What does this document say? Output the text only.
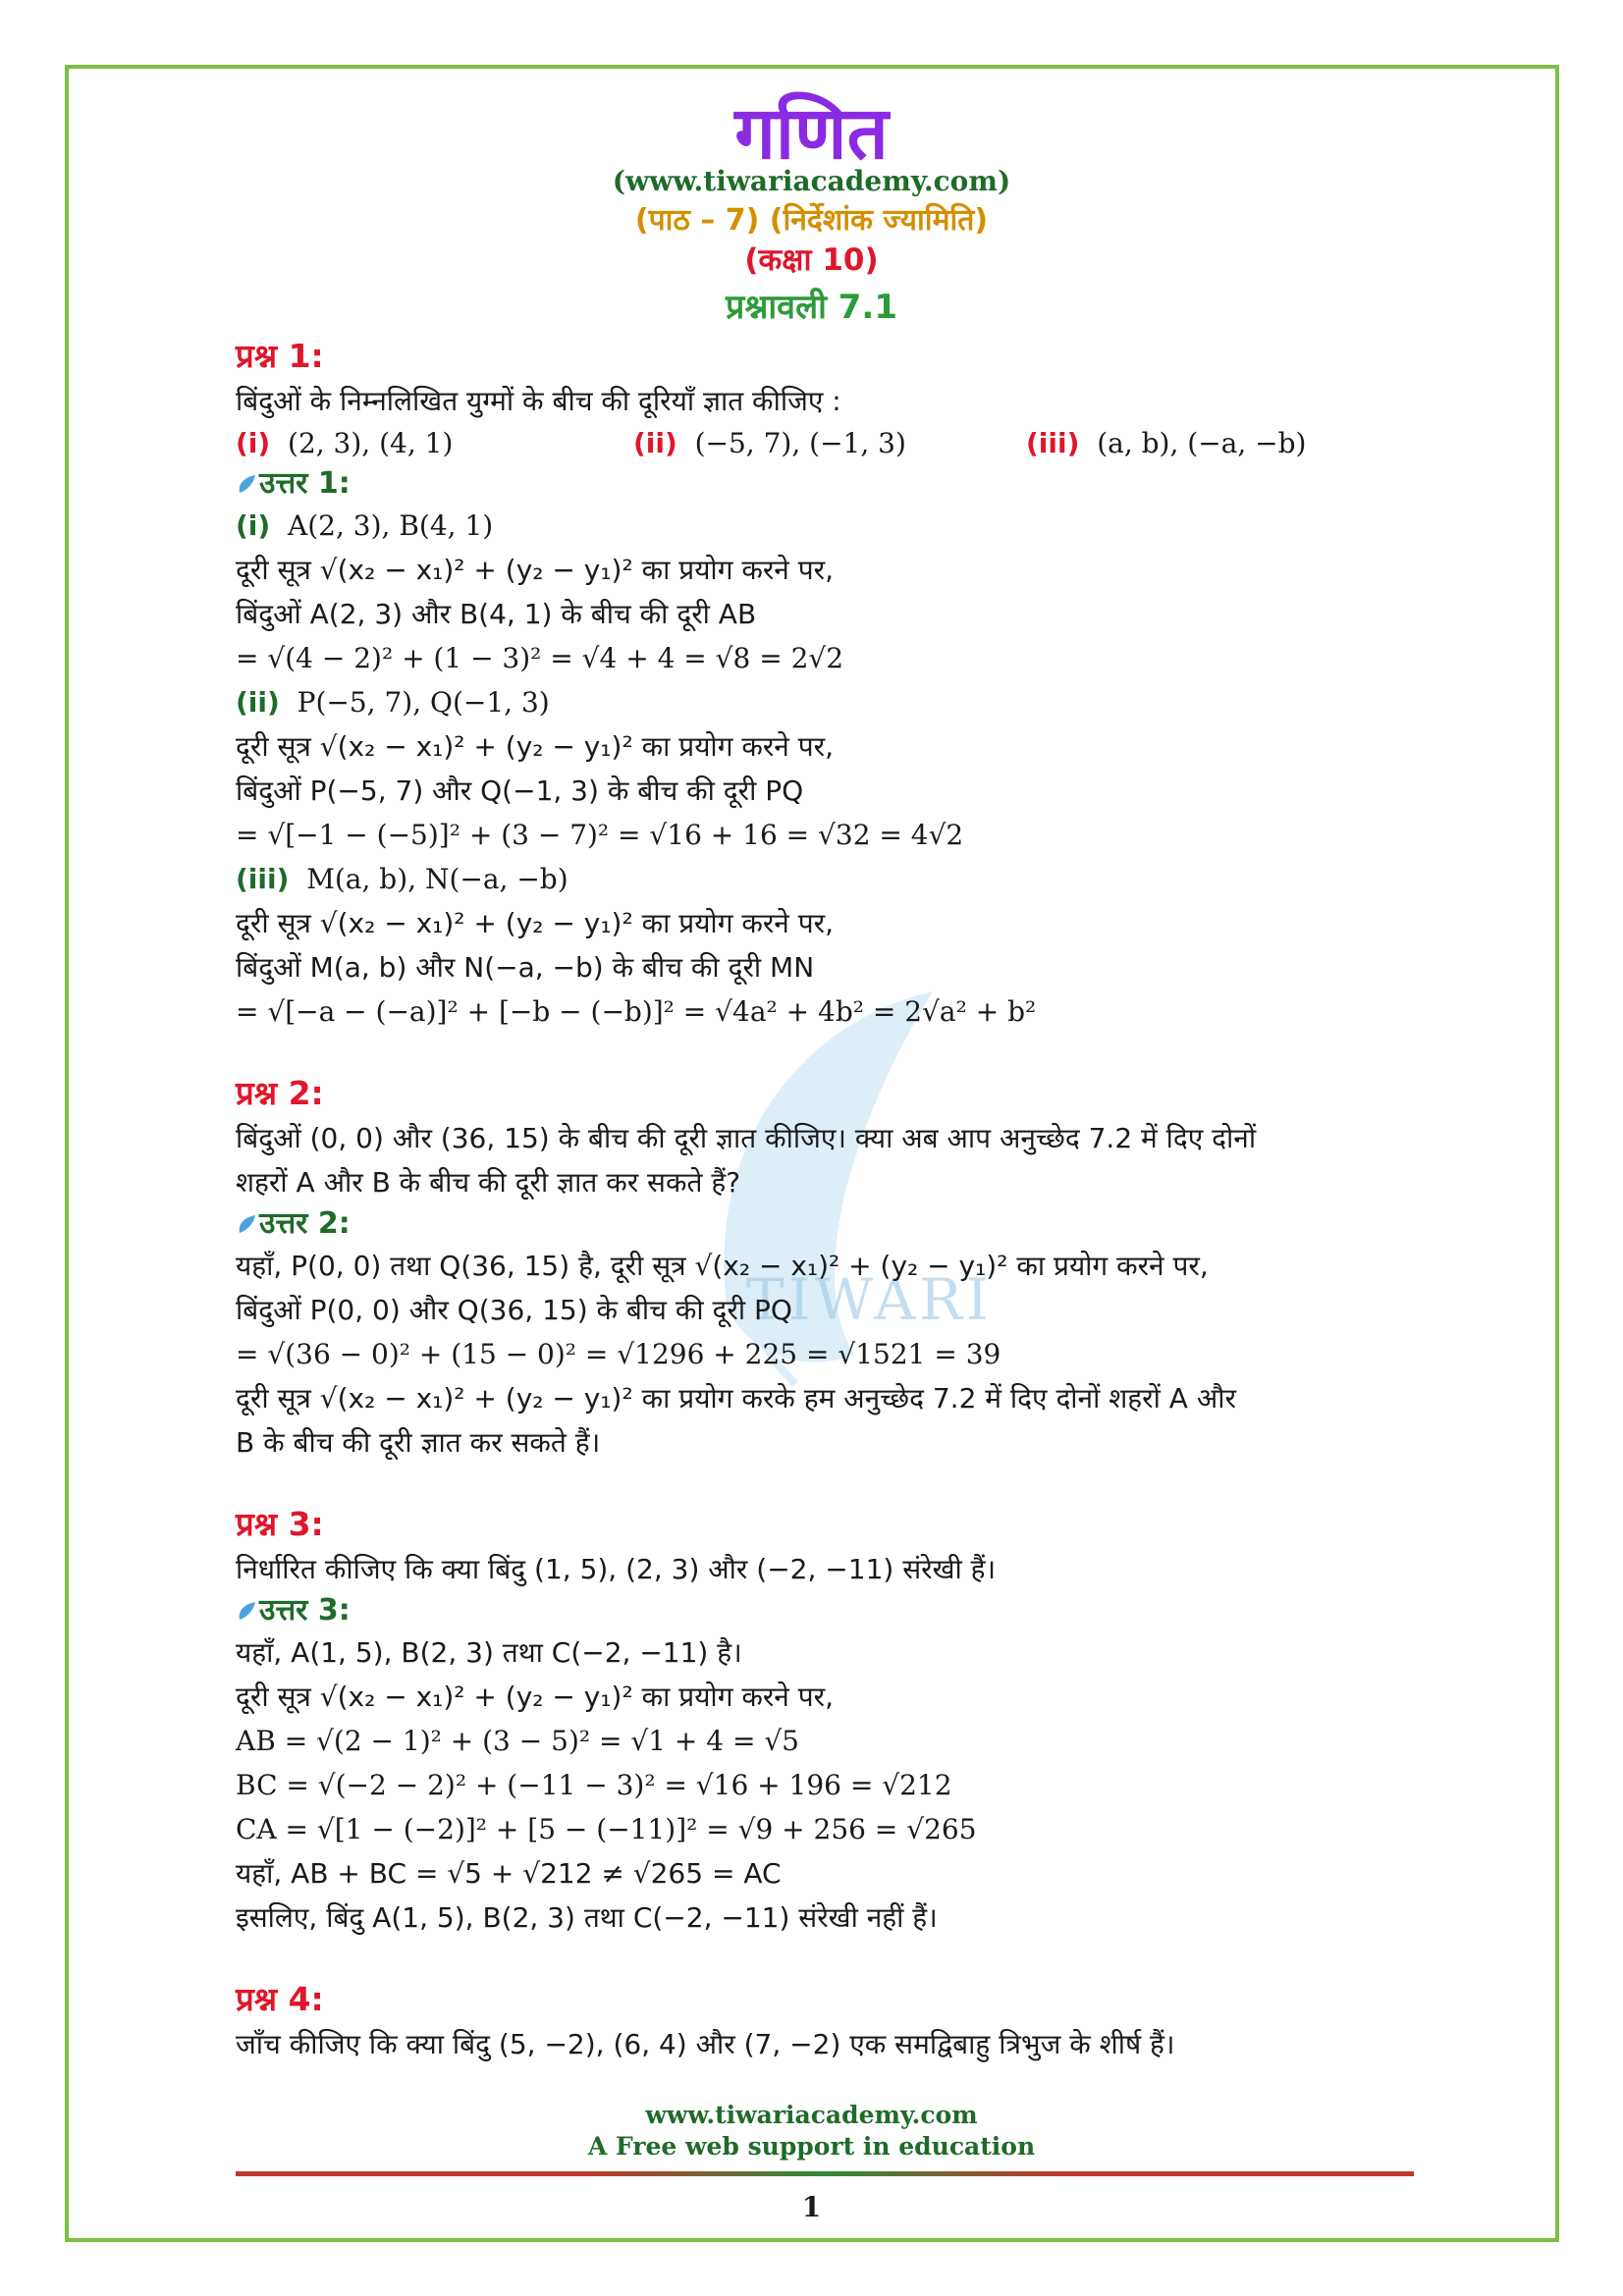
TIWARI
गणित
(www.tiwariacademy.com)
(पाठ – 7) (निर्देशांक ज्यामिति)
(कक्षा 10)
प्रश्नावली 7.1
प्रश्न 1:
बिंदुओं के निम्नलिखित युग्मों के बीच की दूरियाँ ज्ञात कीजिए :
(i) (2, 3), (4, 1)	(ii) (−5, 7), (−1, 3)	(iii) (a, b), (−a, −b)
उत्तर 1:
(i) A(2, 3), B(4, 1)
दूरी सूत्र √(x₂ − x₁)² + (y₂ − y₁)² का प्रयोग करने पर,
बिंदुओं A(2, 3) और B(4, 1) के बीच की दूरी AB
= √(4 − 2)² + (1 − 3)² = √4 + 4 = √8 = 2√2
(ii) P(−5, 7), Q(−1, 3)
दूरी सूत्र √(x₂ − x₁)² + (y₂ − y₁)² का प्रयोग करने पर,
बिंदुओं P(−5, 7) और Q(−1, 3) के बीच की दूरी PQ
= √[−1 − (−5)]² + (3 − 7)² = √16 + 16 = √32 = 4√2
(iii) M(a, b), N(−a, −b)
दूरी सूत्र √(x₂ − x₁)² + (y₂ − y₁)² का प्रयोग करने पर,
बिंदुओं M(a, b) और N(−a, −b) के बीच की दूरी MN
= √[−a − (−a)]² + [−b − (−b)]² = √4a² + 4b² = 2√a² + b²
प्रश्न 2:
बिंदुओं (0, 0) और (36, 15) के बीच की दूरी ज्ञात कीजिए। क्या अब आप अनुच्छेद 7.2 में दिए दोनों
शहरों A और B के बीच की दूरी ज्ञात कर सकते हैं?
उत्तर 2:
यहाँ, P(0, 0) तथा Q(36, 15) है, दूरी सूत्र √(x₂ − x₁)² + (y₂ − y₁)² का प्रयोग करने पर,
बिंदुओं P(0, 0) और Q(36, 15) के बीच की दूरी PQ
= √(36 − 0)² + (15 − 0)² = √1296 + 225 = √1521 = 39
दूरी सूत्र √(x₂ − x₁)² + (y₂ − y₁)² का प्रयोग करके हम अनुच्छेद 7.2 में दिए दोनों शहरों A और
B के बीच की दूरी ज्ञात कर सकते हैं।
प्रश्न 3:
निर्धारित कीजिए कि क्या बिंदु (1, 5), (2, 3) और (−2, −11) संरेखी हैं।
उत्तर 3:
यहाँ, A(1, 5), B(2, 3) तथा C(−2, −11) है।
दूरी सूत्र √(x₂ − x₁)² + (y₂ − y₁)² का प्रयोग करने पर,
AB = √(2 − 1)² + (3 − 5)² = √1 + 4 = √5
BC = √(−2 − 2)² + (−11 − 3)² = √16 + 196 = √212
CA = √[1 − (−2)]² + [5 − (−11)]² = √9 + 256 = √265
यहाँ, AB + BC = √5 + √212 ≠ √265 = AC
इसलिए, बिंदु A(1, 5), B(2, 3) तथा C(−2, −11) संरेखी नहीं हैं।
प्रश्न 4:
जाँच कीजिए कि क्या बिंदु (5, −2), (6, 4) और (7, −2) एक समद्विबाहु त्रिभुज के शीर्ष हैं।
www.tiwariacademy.com
A Free web support in education
1
